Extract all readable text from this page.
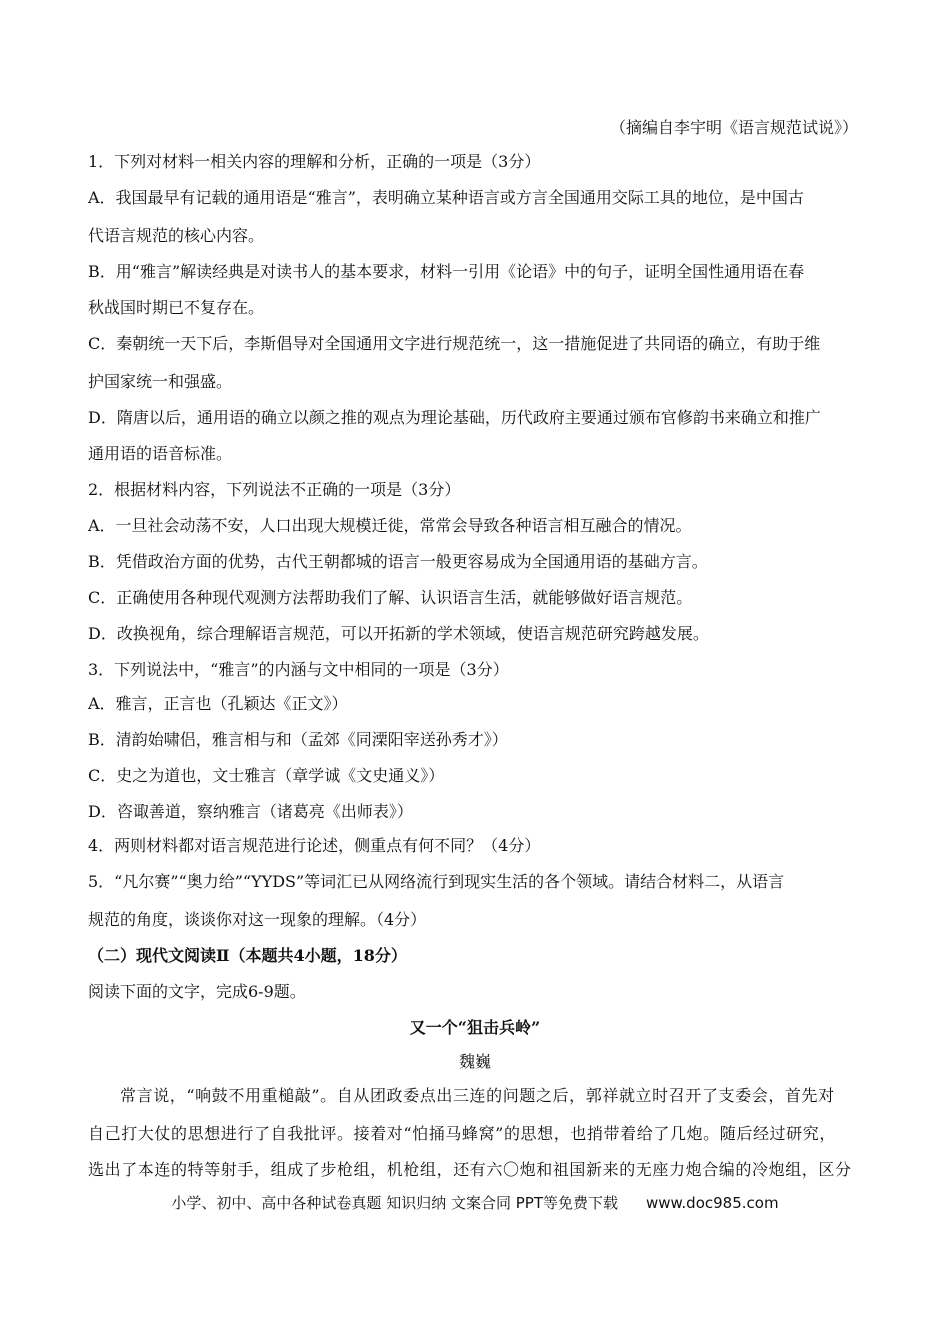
（摘编自李宇明《语言规范试说》）
1．下列对材料一相关内容的理解和分析，正确的一项是（3分）
A．我国最早有记载的通用语是“雅言”，表明确立某种语言或方言全国通用交际工具的地位，是中国古
代语言规范的核心内容。
B．用“雅言”解读经典是对读书人的基本要求，材料一引用《论语》中的句子，证明全国性通用语在春
秋战国时期已不复存在。
C．秦朝统一天下后，李斯倡导对全国通用文字进行规范统一，这一措施促进了共同语的确立，有助于维
护国家统一和强盛。
D．隋唐以后，通用语的确立以颜之推的观点为理论基础，历代政府主要通过颁布官修韵书来确立和推广
通用语的语音标准。
2．根据材料内容，下列说法不正确的一项是（3分）
A．一旦社会动荡不安，人口出现大规模迁徙，常常会导致各种语言相互融合的情况。
B．凭借政治方面的优势，古代王朝都城的语言一般更容易成为全国通用语的基础方言。
C．正确使用各种现代观测方法帮助我们了解、认识语言生活，就能够做好语言规范。
D．改换视角，综合理解语言规范，可以开拓新的学术领域，使语言规范研究跨越发展。
3．下列说法中，“雅言”的内涵与文中相同的一项是（3分）
A．雅言，正言也（孔颖达《正文》）
B．清韵始啸侣，雅言相与和（孟郊《同溧阳宰送孙秀才》）
C．史之为道也，文士雅言（章学诚《文史通义》）
D．咨诹善道，察纳雅言（诸葛亮《出师表》）
4．两则材料都对语言规范进行论述，侧重点有何不同？（4分）
5．“凡尔赛”“奥力给”“YYDS”等词汇已从网络流行到现实生活的各个领域。请结合材料二，从语言
规范的角度，谈谈你对这一现象的理解。（4分）
（二）现代文阅读Ⅱ（本题共4小题，18分）
阅读下面的文字，完成6-9题。
又一个“狙击兵岭”
魏巍
常言说，“响鼓不用重槌敲”。自从团政委点出三连的问题之后，郭祥就立时召开了支委会，首先对
自己打大仗的思想进行了自我批评。接着对“怕捅马蜂窝”的思想，也捎带着给了几炮。随后经过研究，
选出了本连的特等射手，组成了步枪组，机枪组，还有六〇炮和祖国新来的无座力炮合编的冷炮组，区分
小学、初中、高中各种试卷真题 知识归纳 文案合同 PPT等免费下载 www.doc985.com
